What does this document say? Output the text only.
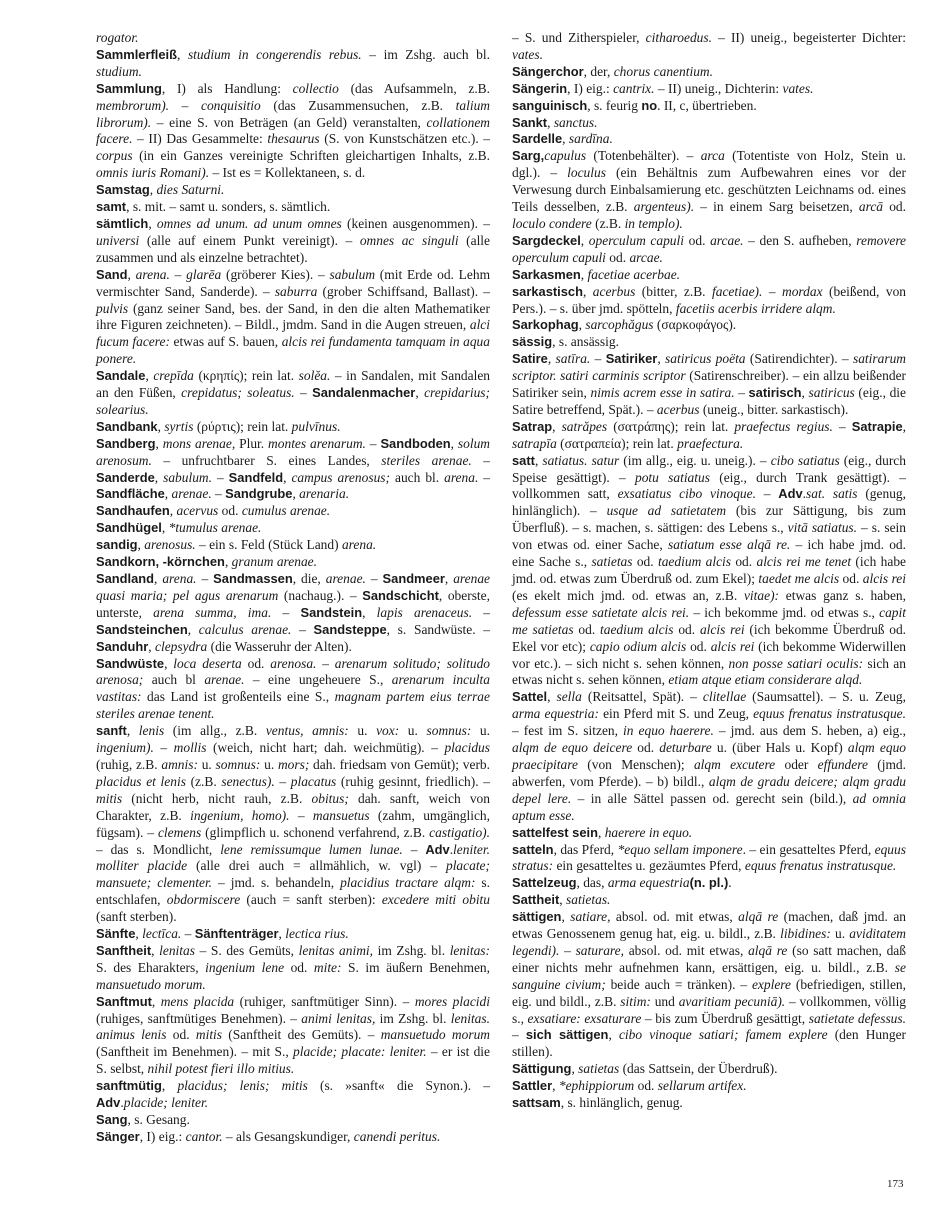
rogator.

Sammlerfleiß, studium in congerendis rebus. – im Zshg. auch bl. studium.

Sammlung, I) als Handlung: collectio (das Aufsammeln, z.B. membrorum). – conquisitio (das Zusammensuchen, z.B. talium librorum). – eine S. von Beträgen (an Geld) veranstalten, collationem facere. – II) Das Gesammelte: thesaurus (S. von Kunstschätzen etc.). – corpus (in ein Ganzes vereinigte Schriften gleichartigen Inhalts, z.B. omnis iuris Romani). – Ist es = Kollektaneen, s. d.

Samstag, dies Saturni.

samt, s. mit. – samt u. sonders, s. sämtlich.

sämtlich, omnes ad unum. ad unum omnes (keinen ausgenommen). – universi (alle auf einem Punkt vereinigt). – omnes ac singuli (alle zusammen und als einzelne betrachtet).

Sand, arena. – glarēa (gröberer Kies). – sabulum (mit Erde od. Lehm vermischter Sand, Sanderde). – saburra (grober Schiffsand, Ballast). – pulvis (ganz seiner Sand, bes. der Sand, in den die alten Mathematiker ihre Figuren zeichneten). – Bildl., jmdm. Sand in die Augen streuen, alci fucum facere: etwas auf S. bauen, alcis rei fundamenta tamquam in aqua ponere.

Sandale, crepīda (κρηπίς); rein lat. solĕa. – in Sandalen, mit Sandalen an den Füßen, crepidatus; soleatus. – Sandalenmacher, crepidarius; solearius.

Sandbank, syrtis (ρύρτις); rein lat. pulvīnus.

Sandberg, mons arenae, Plur. montes arenarum. – Sandboden, solum arenosum. – unfruchtbarer S. eines Landes, steriles arenae. – Sanderde, sabulum. – Sandfeld, campus arenosus; auch bl. arena. – Sandfläche, arenae. – Sandgrube, arenaria.

Sandhaufen, acervus od. cumulus arenae.

Sandhügel, *tumulus arenae.

sandig, arenosus. – ein s. Feld (Stück Land) arena.

Sandkorn, -körnchen, granum arenae.

Sandland, arena. – Sandmassen, die, arenae. – Sandmeer, arenae quasi maria; pel agus arenarum (nachaug.). – Sandschicht, oberste, unterste, arena summa, ima. – Sandstein, lapis arenaceus. – Sandsteinchen, calculus arenae. – Sandsteppe, s. Sandwüste. – Sanduhr, clepsydra (die Wasseruhr der Alten).

Sandwüste, loca deserta od. arenosa. – arenarum solitudo; solitudo arenosa; auch bl arenae. – eine ungeheuere S., arenarum inculta vastitas: das Land ist großenteils eine S., magnam partem eius terrae steriles arenae tenent.

sanft, lenis (im allg., z.B. ventus, amnis: u. vox: u. somnus: u. ingenium). – mollis (weich, nicht hart; dah. weichmütig). – placidus (ruhig, z.B. amnis: u. somnus: u. mors; dah. friedsam von Gemüt); verb. placidus et lenis (z.B. senectus). – placatus (ruhig gesinnt, friedlich). – mitis (nicht herb, nicht rauh, z.B. obitus; dah. sanft, weich von Charakter, z.B. ingenium, homo). – mansuetus (zahm, umgänglich, fügsam). – clemens (glimpflich u. schonend verfahrend, z.B. castigatio). – das s. Mondlicht, lene remissumque lumen lunae. – Adv.leniter. molliter placide (alle drei auch = allmählich, w. vgl) – placate; mansuete; clementer. – jmd. s. behandeln, placidius tractare alqm: s. entschlafen, obdormiscere (auch = sanft sterben): excedere miti obitu (sanft sterben).

Sänfte, lectīca. – Sänftenträger, lectica rius.

Sanftheit, lenitas – S. des Gemüts, lenitas animi, im Zshg. bl. lenitas: S. des Eharakters, ingenium lene od. mite: S. im äußern Benehmen, mansuetudo morum.

Sanftmut, mens placida (ruhiger, sanftmütiger Sinn). – mores placidi (ruhiges, sanftmütiges Benehmen). – animi lenitas, im Zshg. bl. lenitas. animus lenis od. mitis (Sanftheit des Gemüts). – mansuetudo morum (Sanftheit im Benehmen). – mit S., placide; placate: leniter. – er ist die S. selbst, nihil potest fieri illo mitius.

sanftmütig, placidus; lenis; mitis (s. »sanft« die Synon.). – Adv.placide; leniter.

Sang, s. Gesang.

Sänger, I) eig.: cantor. – als Gesangskundiger, canendi peritus.

– S. und Zitherspieler, citharoedus. – II) uneig., begeisterter Dichter: vates.

Sängerchor, der, chorus canentium.

Sängerin, I) eig.: cantrix. – II) uneig., Dichterin: vates.

sanguinisch, s. feurig no. II, c, übertrieben.

Sankt, sanctus.

Sardelle, sardīna.

Sarg,capulus (Totenbehälter). – arca (Totentiste von Holz, Stein u. dgl.). – loculus (ein Behältnis zum Aufbewahren eines vor der Verwesung durch Einbalsamierung etc. geschützten Leichnams od. eines Teils desselben, z.B. argenteus). – in einem Sarg beisetzen, arcā od. loculo condere (z.B. in templo).

Sargdeckel, operculum capuli od. arcae. – den S. aufheben, removere operculum capuli od. arcae.

Sarkasmen, facetiae acerbae.

sarkastisch, acerbus (bitter, z.B. facetiae). – mordax (beißend, von Pers.). – s. über jmd. spötteln, facetiis acerbis irridere alqm.

Sarkophag, sarcophăgus (σαρκοφάγος).

sässig, s. ansässig.

Satire, satīra. – Satiriker, satiricus poëta (Satirendichter). – satirarum scriptor. satiri carminis scriptor (Satirenschreiber). – ein allzu beißender Satiriker sein, nimis acrem esse in satira. – satirisch, satiricus (eig., die Satire betreffend, Spät.). – acerbus (uneig., bitter. sarkastisch).

Satrap, satrăpes (σατράπης); rein lat. praefectus regius. – Satrapie, satrapīa (σατραπεία); rein lat. praefectura.

satt, satiatus. satur (im allg., eig. u. uneig.). – cibo satiatus (eig., durch Speise gesättigt). – potu satiatus (eig., durch Trank gesättigt). – vollkommen satt, exsatiatus cibo vinoque. – Adv.sat. satis (genug, hinlänglich). – usque ad satietatem (bis zur Sättigung, bis zum Überfluß). – s. machen, s. sättigen: des Lebens s., vitā satiatus. – s. sein von etwas od. einer Sache, satiatum esse alqā re. – ich habe jmd. od. eine Sache s., satietas od. taedium alcis od. alcis rei me tenet (ich habe jmd. od. etwas zum Überdruß od. zum Ekel); taedet me alcis od. alcis rei (es ekelt mich jmd. od. etwas an, z.B. vitae): etwas ganz s. haben, defessum esse satietate alcis rei. – ich bekomme jmd. od etwas s., capit me satietas od. taedium alcis od. alcis rei (ich bekomme Überdruß od. Ekel vor etc); capio odium alcis od. alcis rei (ich bekomme Widerwillen vor etc.). – sich nicht s. sehen können, non posse satiari oculis: sich an etwas nicht s. sehen können, etiam atque etiam considerare alqd.

Sattel, sella (Reitsattel, Spät). – clitellae (Saumsattel). – S. u. Zeug, arma equestria: ein Pferd mit S. und Zeug, equus frenatus instratusque. – fest im S. sitzen, in equo haerere. – jmd. aus dem S. heben, a) eig., alqm de equo deicere od. deturbare u. (über Hals u. Kopf) alqm equo praecipitare (von Menschen); alqm excutere oder effundere (jmd. abwerfen, vom Pferde). – b) bildl., alqm de gradu deicere; alqm gradu depel lere. – in alle Sättel passen od. gerecht sein (bild.), ad omnia aptum esse.

sattelfest sein, haerere in equo.

satteln, das Pferd, *equo sellam imponere. – ein gesatteltes Pferd, equus stratus: ein gesatteltes u. gezäumtes Pferd, equus frenatus instratusque.

Sattelzeug, das, arma equestria(n. pl.).

Sattheit, satietas.

sättigen, satiare, absol. od. mit etwas, alqā re (machen, daß jmd. an etwas Genossenem genug hat, eig. u. bildl., z.B. libidines: u. aviditatem legendi). – saturare, absol. od. mit etwas, alqā re (so satt machen, daß einer nichts mehr aufnehmen kann, ersättigen, eig. u. bildl., z.B. se sanguine civium; beide auch = tränken). – explere (befriedigen, stillen, eig. und bildl., z.B. sitim: und avaritiam pecuniā). – vollkommen, völlig s., exsatiare: exsaturare – bis zum Überdruß gesättigt, satietate defessus. – sich sättigen, cibo vinoque satiari; famem explere (den Hunger stillen).

Sättigung, satietas (das Sattsein, der Überdruß).

Sattler, *ephippiorum od. sellarum artifex.

sattsam, s. hinlänglich, genug.

173
